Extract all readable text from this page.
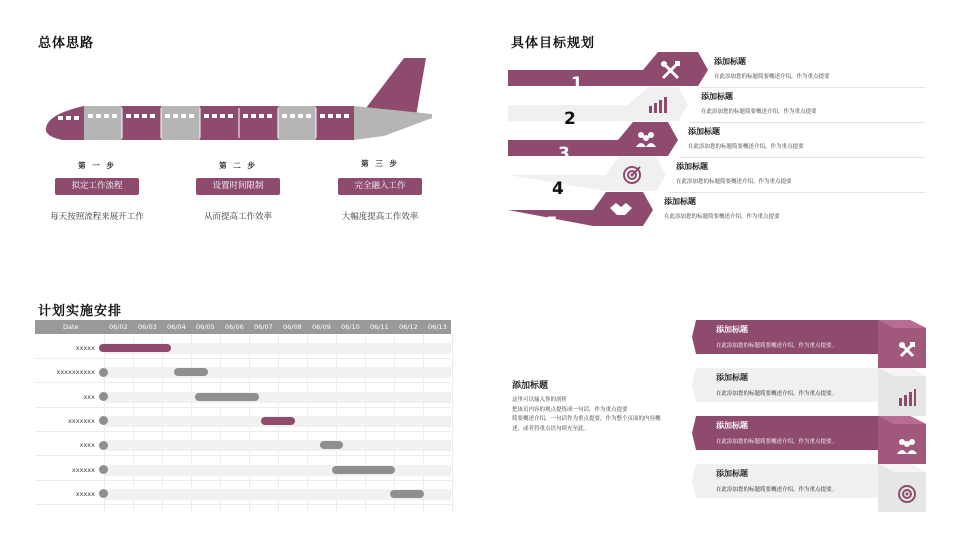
总体思路
第 一 步	第 二 步	第 三 步
拟定工作流程	设置时间限制	完全融入工作
每天按照流程来展开工作	从而提高工作效率	大幅度提高工作效率
具体目标规划
1
2
3
4
5
添加标题
在此添加您的标题简要概述介绍，作为重点提要
添加标题
在此添加您的标题简要概述介绍，作为重点提要
添加标题
在此添加您的标题简要概述介绍，作为重点提要
添加标题
在此添加您的标题简要概述介绍，作为重点提要
添加标题
在此添加您的标题简要概述介绍，作为重点提要
计划实施安排
Date	06/02 06/03 06/04 06/05 06/06 06/07 06/08 06/09 06/10 06/11 06/12 06/13
xxxxx
xxxxxxxxxx
xxx
xxxxxxx
xxxx
xxxxxx
xxxxx
添加标题
这里可以输入你的剖析
把该页内容的观点提炼成一句话，作为重点提要
简要概述介绍，一句话作为重点提要，作为整个页面的内容概
述，或者将重点语句填充至此。
添加标题
在此添加您的标题简要概述介绍，作为重点提要。
添加标题
在此添加您的标题简要概述介绍，作为重点提要。
添加标题
在此添加您的标题简要概述介绍，作为重点提要。
添加标题
在此添加您的标题简要概述介绍，作为重点提要。
